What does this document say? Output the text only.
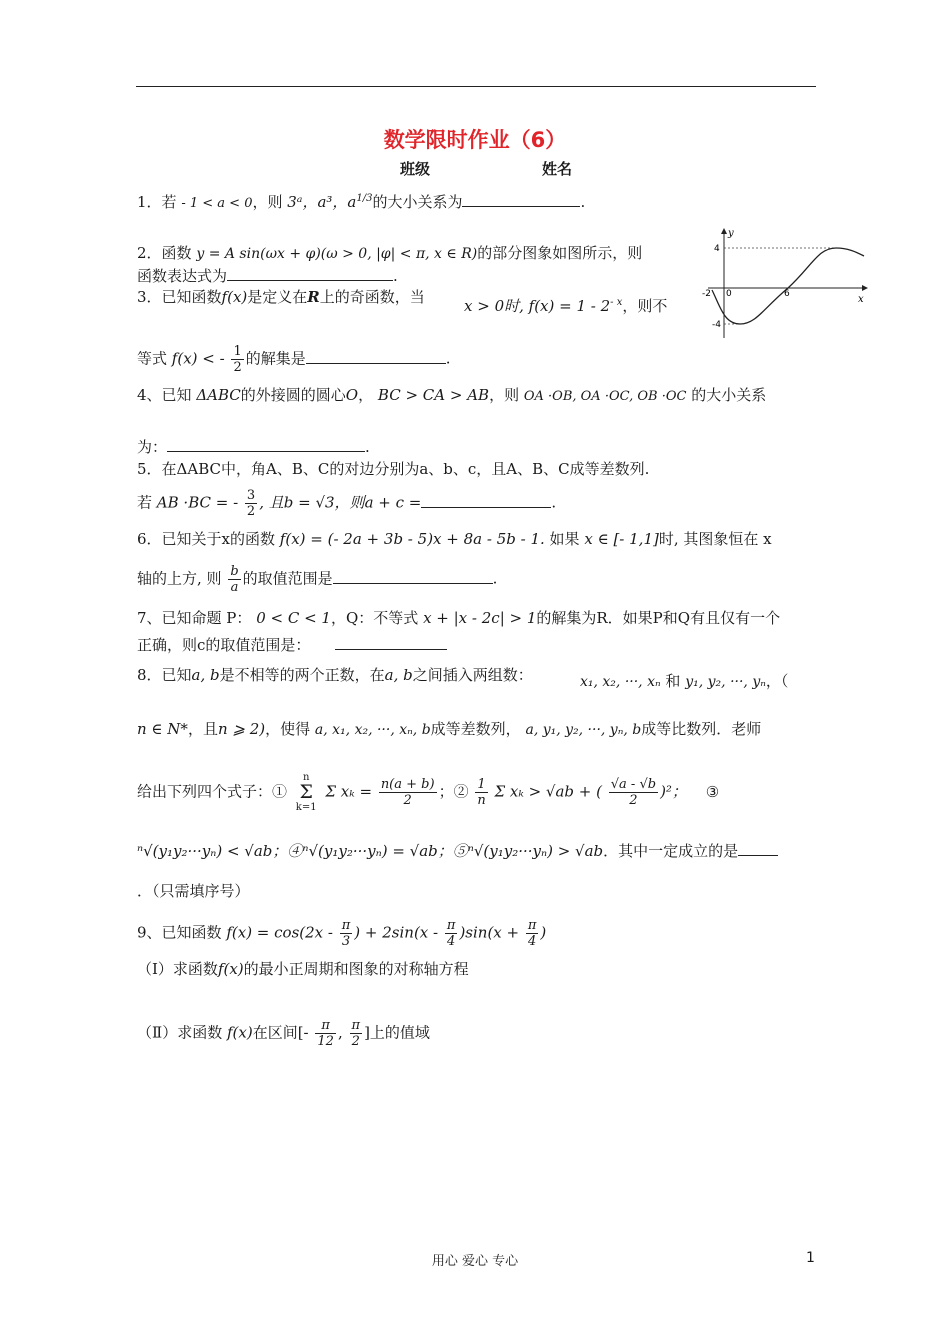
数学限时作业（6）
班级	姓名
1．若 - 1 < a < 0，则 3ᵃ，a³，$a^{1/3}$的大小关系为	.
2．函数 y = A sin(ωx + φ)(ω > 0, |φ| < π, x ∈ R)的部分图象如图所示，则
函数表达式为	.
3．已知函数f(x)是定义在R上的奇函数，当	x > 0时, $f(x) = 1 - 2^{- x}$，则不
等式 f(x) < - $\frac{1}{2}$ 的解集是	.
y
x
4
-4
-2 0	6
4、已知 ΔABC的外接圆的圆心O， BC > CA > AB，则 OA ·OB, OA ·OC, OB ·OC 的大小关系
为：	.
5．在ΔABC中，角A、B、C的对边分别为a、b、c，且A、B、C成等差数列.
若 AB ·BC = - $\frac{3}{2}$ , 且b = √3，则a + c =	.
6．已知关于x的函数 f(x) = (- 2a + 3b - 5)x + 8a - 5b - 1. 如果 x ∈ [- 1,1]时, 其图象恒在 x
轴的上方, 则 $\frac{b}{a}$ 的取值范围是	.
7、已知命题 P： 0 < C < 1，Q：不等式 x + |x - 2c| > 1的解集为R．如果P和Q有且仅有一个
正确，则c的取值范围是：
8．已知a, b是不相等的两个正数，在a, b之间插入两组数：	x₁, x₂, ···, xₙ 和 y₁, y₂, ···, yₙ，（
n ∈ N*，且n ⩾ 2)，使得 a, x₁, x₂, ···, xₙ, b成等差数列， a, y₁, y₂, ···, yₙ, b成等比数列．老师
给出下列四个式子：①
n
Σ
k=1
Σ $x_k = \frac{n(a + b)}{2}$ ；② $\frac{1}{n}$ Σ xₖ > √ab + ( $\frac{√a - √b}{2} )^2$； ③
ⁿ√(y₁y₂···yₙ) < √ab；④ⁿ√(y₁y₂···yₙ) = √ab；⑤ⁿ√(y₁y₂···yₙ) > √ab．其中一定成立的是
．（只需填序号）
9、已知函数 $f(x) = \cos(2x - \frac{\pi}{3}$ ) + $2\sin(x - \frac{\pi}{4} )\sin(x + \frac{\pi}{4}$ )
（Ⅰ）求函数f(x)的最小正周期和图象的对称轴方程
（Ⅱ）求函数 f(x)在区间[- $\frac{\pi}{12}$ , $\frac{\pi}{2}$ ]上的值域
用心 爱心 专心	1
